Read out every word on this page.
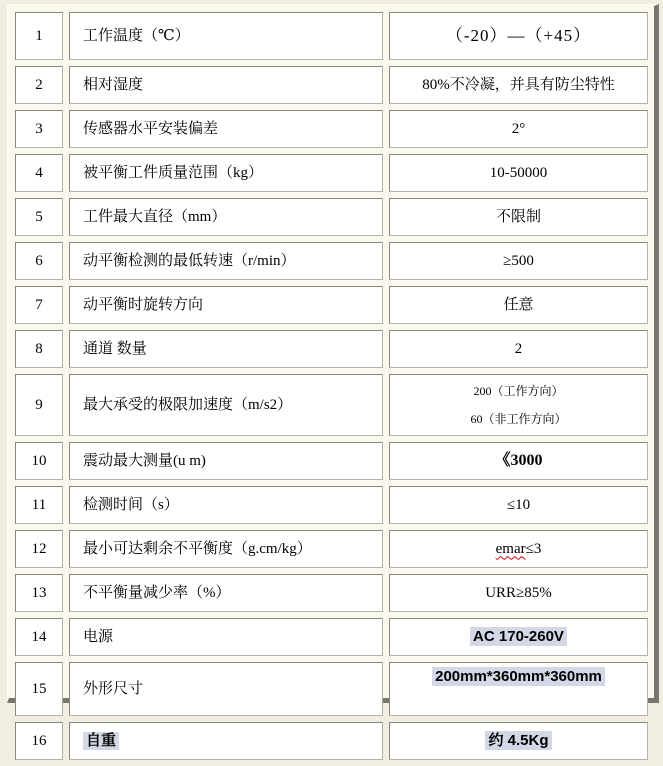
1	工作温度（℃）	（-20）—（+45）

2	相对湿度	80%不冷凝，并具有防尘特性

3	传感器水平安装偏差	2°

4	被平衡工件质量范围（kg）	10-50000

5	工件最大直径（mm）	不限制

6	动平衡检测的最低转速（r/min）	≥500

7	动平衡时旋转方向	任意

8	通道 数量	2

9	最大承受的极限加速度（m/s2）	200（工作方向）
60（非工作方向）

10	震动最大测量(u m)	《3000

11	检测时间（s）	≤10

12	最小可达剩余不平衡度（g.cm/kg）	emar≤3

13	不平衡量减少率（%）	URR≥85%

14	电源	AC 170-260V

15	外形尺寸	200mm*360mm*360mm

16	自重	约 4.5Kg
